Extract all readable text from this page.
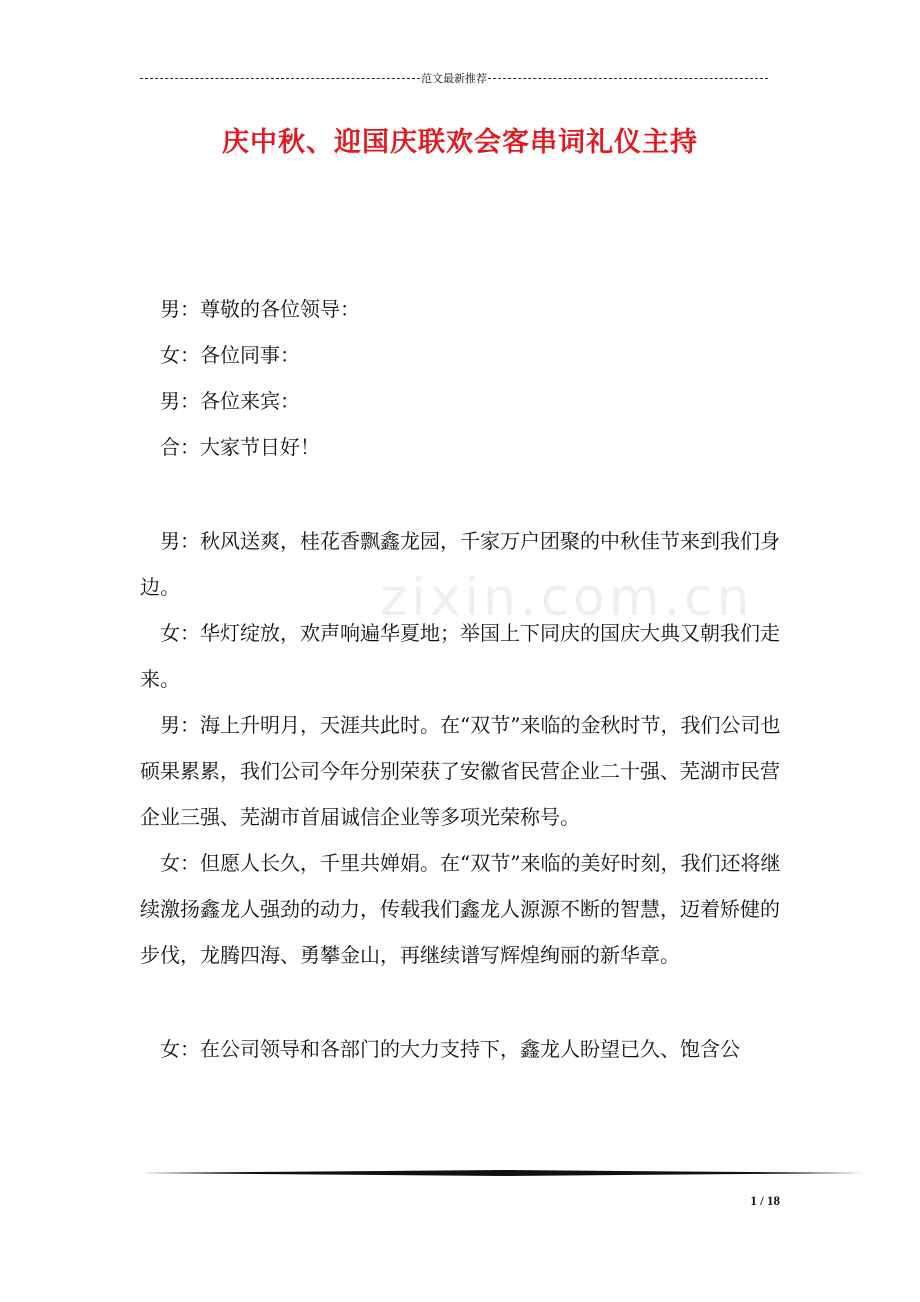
范文最新推荐
庆中秋、迎国庆联欢会客串词礼仪主持
zixin.com.cn

男：尊敬的各位领导：

女：各位同事：

男：各位来宾：

合：大家节日好！

男：秋风送爽，桂花香飘鑫龙园，千家万户团聚的中秋佳节来到我们身边。

女：华灯绽放，欢声响遍华夏地；举国上下同庆的国庆大典又朝我们走来。

男：海上升明月，天涯共此时。在“双节”来临的金秋时节，我们公司也硕果累累，我们公司今年分别荣获了安徽省民营企业二十强、芜湖市民营企业三强、芜湖市首届诚信企业等多项光荣称号。

女：但愿人长久，千里共婵娟。在“双节”来临的美好时刻，我们还将继续激扬鑫龙人强劲的动力，传载我们鑫龙人源源不断的智慧，迈着矫健的步伐，龙腾四海、勇攀金山，再继续谱写辉煌绚丽的新华章。

女：在公司领导和各部门的大力支持下，鑫龙人盼望已久、饱含公

1 / 18
